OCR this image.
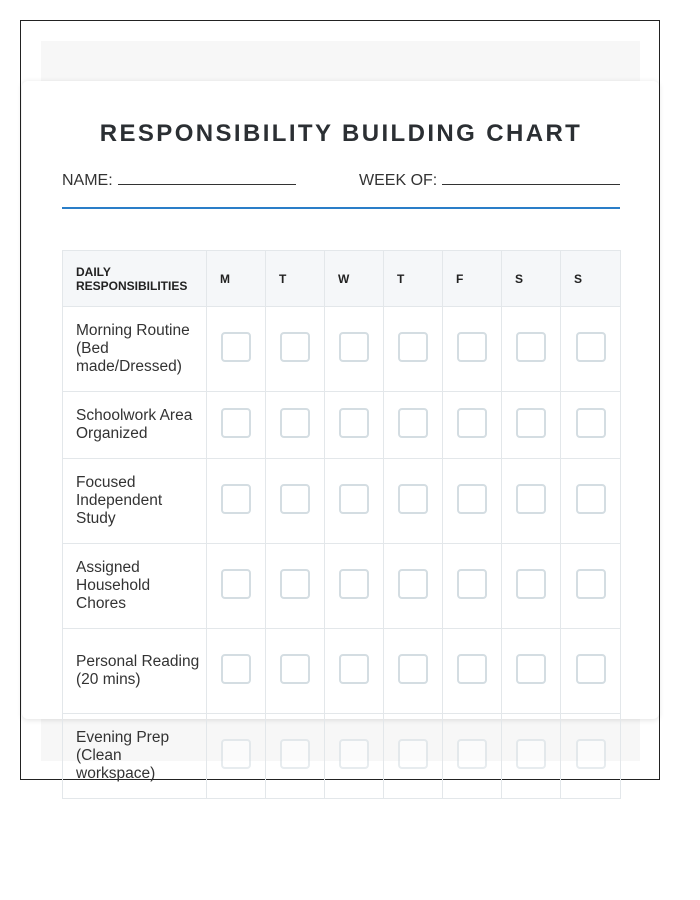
RESPONSIBILITY BUILDING CHART
NAME:	WEEK OF:
DAILY RESPONSIBILITIES	M	T	W	T	F	S	S
Morning Routine (Bed made/Dressed)							
Schoolwork Area Organized							
Focused Independent Study							
Assigned Household Chores							
Personal Reading (20 mins)							
Evening Prep (Clean workspace)							
